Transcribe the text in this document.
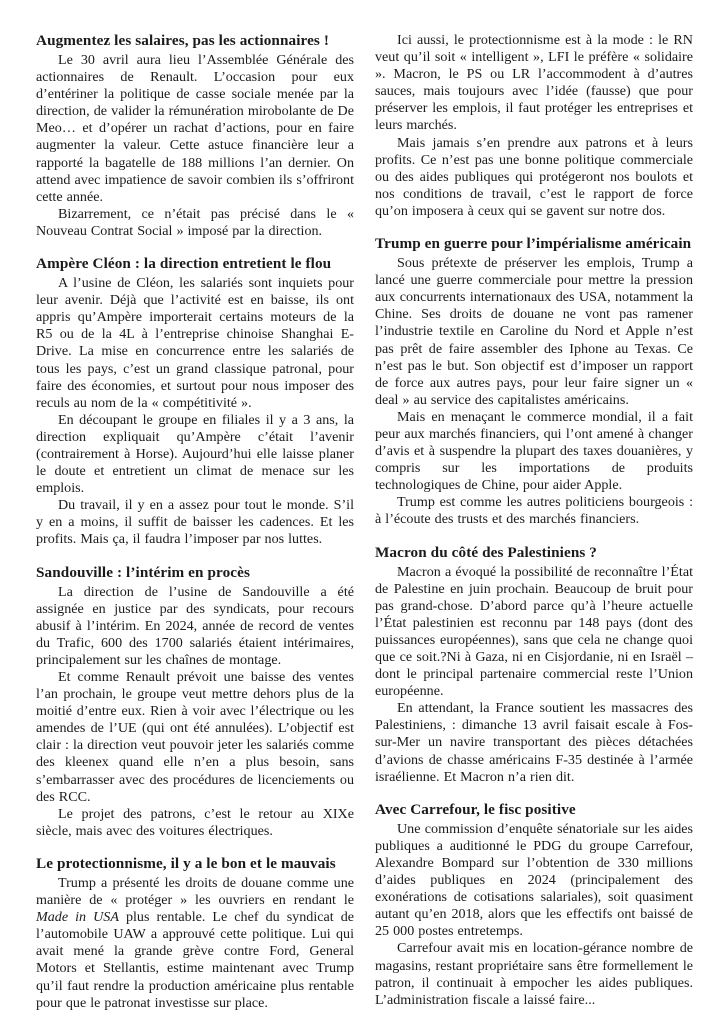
Augmentez les salaires, pas les actionnaires !

Le 30 avril aura lieu l’Assemblée Générale des actionnaires de Renault. L’occasion pour eux d’entériner la politique de casse sociale menée par la direction, de valider la rémunération mirobolante de De Meo… et d’opérer un rachat d’actions, pour en faire augmenter la valeur. Cette astuce financière leur a rapporté la bagatelle de 188 millions l’an dernier. On attend avec impatience de savoir combien ils s’offriront cette année.

Bizarrement, ce n’était pas précisé dans le « Nouveau Contrat Social » imposé par la direction.

Ampère Cléon : la direction entretient le flou

A l’usine de Cléon, les salariés sont inquiets pour leur avenir. Déjà que l’activité est en baisse, ils ont appris qu’Ampère importerait certains moteurs de la R5 ou de la 4L à l’entreprise chinoise Shanghai E-Drive. La mise en concurrence entre les salariés de tous les pays, c’est un grand classique patronal, pour faire des économies, et surtout pour nous imposer des reculs au nom de la « compétitivité ».

En découpant le groupe en filiales il y a 3 ans, la direction expliquait qu’Ampère c’était l’avenir (contrairement à Horse). Aujourd’hui elle laisse planer le doute et entretient un climat de menace sur les emplois.

Du travail, il y en a assez pour tout le monde. S’il y en a moins, il suffit de baisser les cadences. Et les profits. Mais ça, il faudra l’imposer par nos luttes.

Sandouville : l’intérim en procès

La direction de l’usine de Sandouville a été assignée en justice par des syndicats, pour recours abusif à l’intérim. En 2024, année de record de ventes du Trafic, 600 des 1700 salariés étaient intérimaires, principalement sur les chaînes de montage.

Et comme Renault prévoit une baisse des ventes l’an prochain, le groupe veut mettre dehors plus de la moitié d’entre eux. Rien à voir avec l’électrique ou les amendes de l’UE (qui ont été annulées). L’objectif est clair : la direction veut pouvoir jeter les salariés comme des kleenex quand elle n’en a plus besoin, sans s’embarrasser avec des procédures de licenciements ou des RCC.

Le projet des patrons, c’est le retour au XIXe siècle, mais avec des voitures électriques.

Le protectionnisme, il y a le bon et le mauvais

Trump a présenté les droits de douane comme une manière de « protéger » les ouvriers en rendant le Made in USA plus rentable. Le chef du syndicat de l’automobile UAW a approuvé cette politique. Lui qui avait mené la grande grève contre Ford, General Motors et Stellantis, estime maintenant avec Trump qu’il faut rendre la production américaine plus rentable pour que le patronat investisse sur place.

Ici aussi, le protectionnisme est à la mode : le RN veut qu’il soit « intelligent », LFI le préfère « solidaire ». Macron, le PS ou LR l’accommodent à d’autres sauces, mais toujours avec l’idée (fausse) que pour préserver les emplois, il faut protéger les entreprises et leurs marchés.

Mais jamais s’en prendre aux patrons et à leurs profits. Ce n’est pas une bonne politique commerciale ou des aides publiques qui protégeront nos boulots et nos conditions de travail, c’est le rapport de force qu’on imposera à ceux qui se gavent sur notre dos.

Trump en guerre pour l’impérialisme américain

Sous prétexte de préserver les emplois, Trump a lancé une guerre commerciale pour mettre la pression aux concurrents internationaux des USA, notamment la Chine. Ses droits de douane ne vont pas ramener l’industrie textile en Caroline du Nord et Apple n’est pas prêt de faire assembler des Iphone au Texas. Ce n’est pas le but. Son objectif est d’imposer un rapport de force aux autres pays, pour leur faire signer un « deal » au service des capitalistes américains.

Mais en menaçant le commerce mondial, il a fait peur aux marchés financiers, qui l’ont amené à changer d’avis et à suspendre la plupart des taxes douanières, y compris sur les importations de produits technologiques de Chine, pour aider Apple.

Trump est comme les autres politiciens bourgeois : à l’écoute des trusts et des marchés financiers.

Macron du côté des Palestiniens ?

Macron a évoqué la possibilité de reconnaître l’État de Palestine en juin prochain. Beaucoup de bruit pour pas grand-chose. D’abord parce qu’à l’heure actuelle l’État palestinien est reconnu par 148 pays (dont des puissances européennes), sans que cela ne change quoi que ce soit.?Ni à Gaza, ni en Cisjordanie, ni en Israël – dont le principal partenaire commercial reste l’Union européenne.

En attendant, la France soutient les massacres des Palestiniens, : dimanche 13 avril faisait escale à Fos-sur-Mer un navire transportant des pièces détachées d’avions de chasse américains F-35 destinée à l’armée israélienne. Et Macron n’a rien dit.

Avec Carrefour, le fisc positive

Une commission d’enquête sénatoriale sur les aides publiques a auditionné le PDG du groupe Carrefour, Alexandre Bompard sur l’obtention de 330 millions d’aides publiques en 2024 (principalement des exonérations de cotisations salariales), soit quasiment autant qu’en 2018, alors que les effectifs ont baissé de 25 000 postes entretemps.

Carrefour avait mis en location-gérance nombre de magasins, restant propriétaire sans être formellement le patron, il continuait à empocher les aides publiques. L’administration fiscale a laissé faire...
